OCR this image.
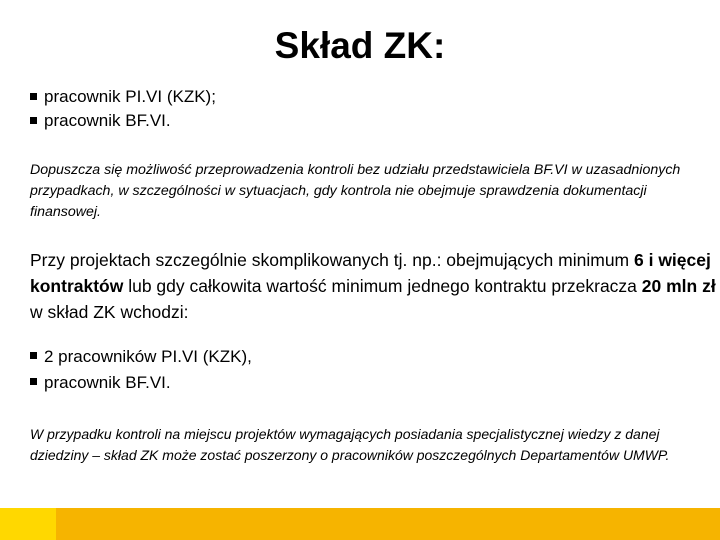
Skład ZK:
pracownik PI.VI (KZK);
pracownik BF.VI.

Dopuszcza się możliwość przeprowadzenia kontroli bez udziału przedstawiciela BF.VI w uzasadnionych przypadkach, w szczególności w sytuacjach, gdy kontrola nie obejmuje sprawdzenia dokumentacji finansowej.

Przy projektach szczególnie skomplikowanych tj. np.: obejmujących minimum 6 i więcej kontraktów lub gdy całkowita wartość minimum jednego kontraktu przekracza 20 mln zł w skład ZK wchodzi:

2 pracowników PI.VI (KZK),
pracownik BF.VI.

W przypadku kontroli na miejscu projektów wymagających posiadania specjalistycznej wiedzy z danej dziedziny – skład ZK może zostać poszerzony o pracowników poszczególnych Departamentów UMWP.
